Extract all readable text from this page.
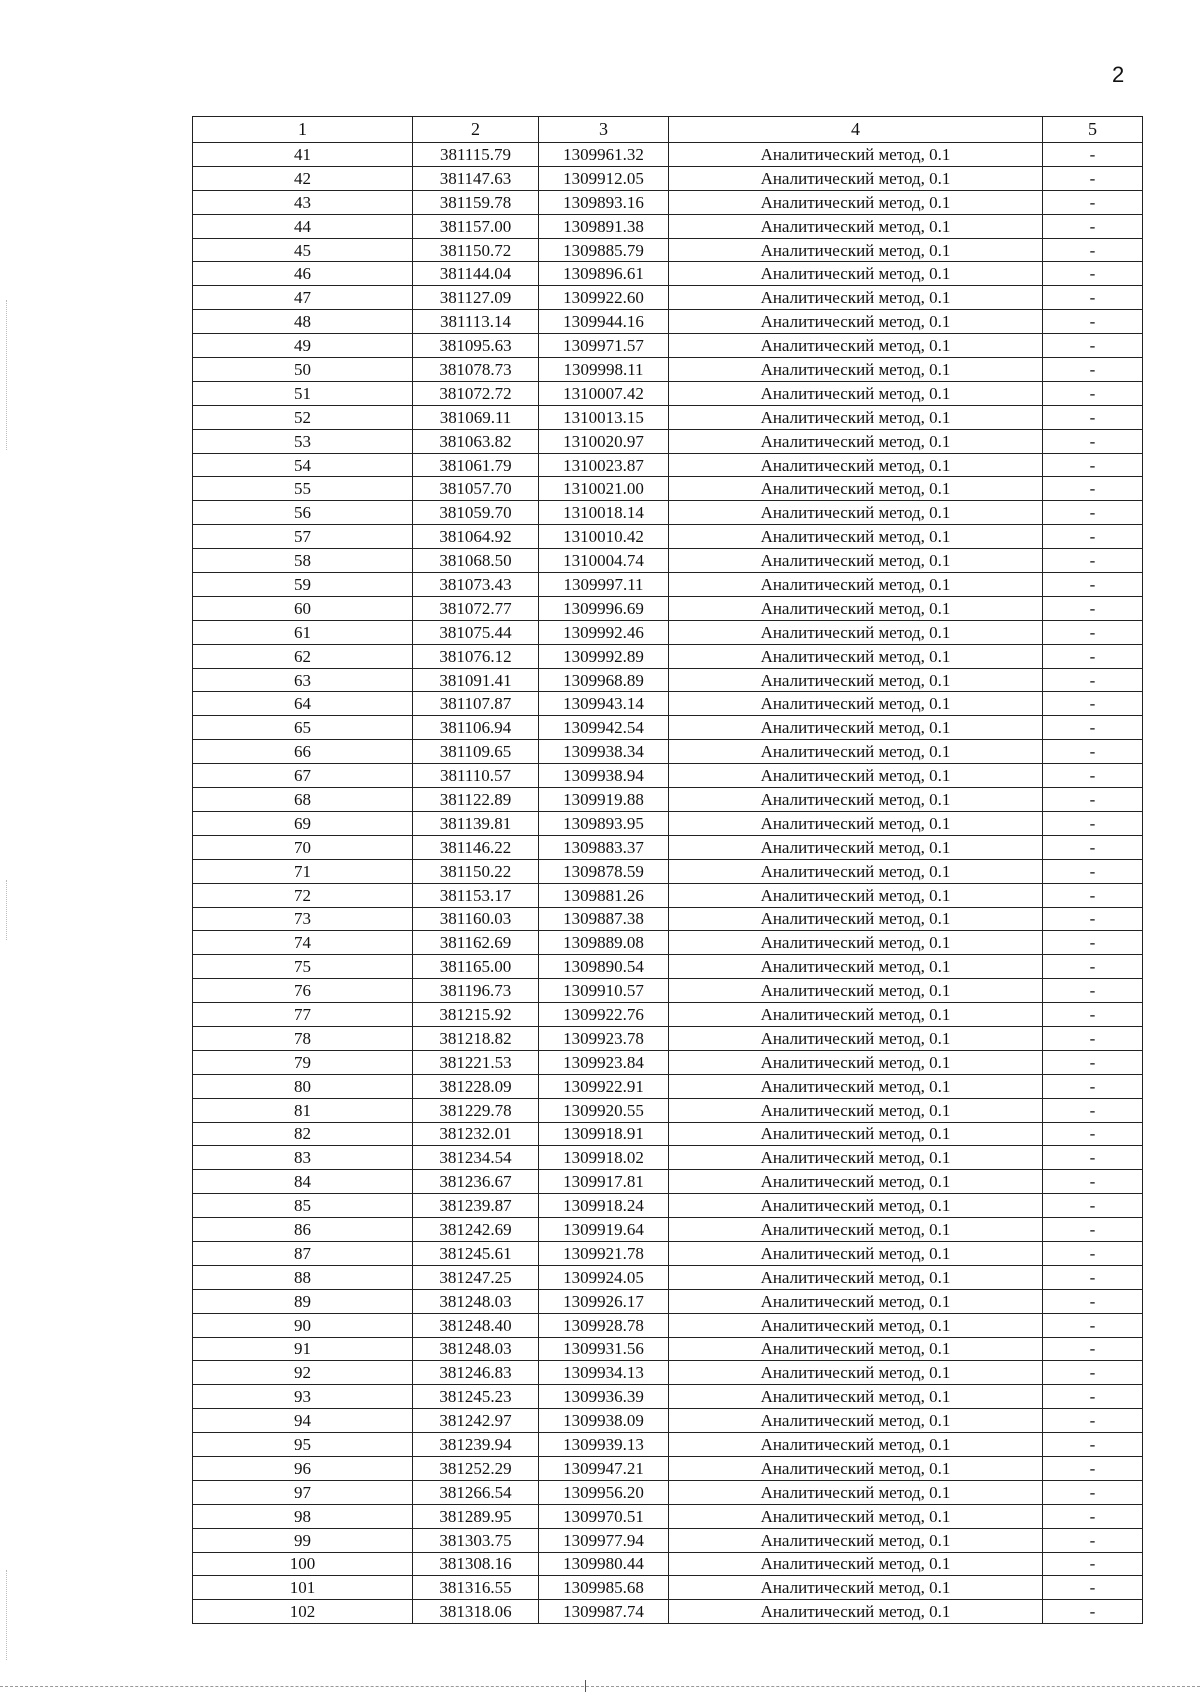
2
1	2	3	4	5
41	381115.79	1309961.32	Аналитический метод, 0.1	-
42	381147.63	1309912.05	Аналитический метод, 0.1	-
43	381159.78	1309893.16	Аналитический метод, 0.1	-
44	381157.00	1309891.38	Аналитический метод, 0.1	-
45	381150.72	1309885.79	Аналитический метод, 0.1	-
46	381144.04	1309896.61	Аналитический метод, 0.1	-
47	381127.09	1309922.60	Аналитический метод, 0.1	-
48	381113.14	1309944.16	Аналитический метод, 0.1	-
49	381095.63	1309971.57	Аналитический метод, 0.1	-
50	381078.73	1309998.11	Аналитический метод, 0.1	-
51	381072.72	1310007.42	Аналитический метод, 0.1	-
52	381069.11	1310013.15	Аналитический метод, 0.1	-
53	381063.82	1310020.97	Аналитический метод, 0.1	-
54	381061.79	1310023.87	Аналитический метод, 0.1	-
55	381057.70	1310021.00	Аналитический метод, 0.1	-
56	381059.70	1310018.14	Аналитический метод, 0.1	-
57	381064.92	1310010.42	Аналитический метод, 0.1	-
58	381068.50	1310004.74	Аналитический метод, 0.1	-
59	381073.43	1309997.11	Аналитический метод, 0.1	-
60	381072.77	1309996.69	Аналитический метод, 0.1	-
61	381075.44	1309992.46	Аналитический метод, 0.1	-
62	381076.12	1309992.89	Аналитический метод, 0.1	-
63	381091.41	1309968.89	Аналитический метод, 0.1	-
64	381107.87	1309943.14	Аналитический метод, 0.1	-
65	381106.94	1309942.54	Аналитический метод, 0.1	-
66	381109.65	1309938.34	Аналитический метод, 0.1	-
67	381110.57	1309938.94	Аналитический метод, 0.1	-
68	381122.89	1309919.88	Аналитический метод, 0.1	-
69	381139.81	1309893.95	Аналитический метод, 0.1	-
70	381146.22	1309883.37	Аналитический метод, 0.1	-
71	381150.22	1309878.59	Аналитический метод, 0.1	-
72	381153.17	1309881.26	Аналитический метод, 0.1	-
73	381160.03	1309887.38	Аналитический метод, 0.1	-
74	381162.69	1309889.08	Аналитический метод, 0.1	-
75	381165.00	1309890.54	Аналитический метод, 0.1	-
76	381196.73	1309910.57	Аналитический метод, 0.1	-
77	381215.92	1309922.76	Аналитический метод, 0.1	-
78	381218.82	1309923.78	Аналитический метод, 0.1	-
79	381221.53	1309923.84	Аналитический метод, 0.1	-
80	381228.09	1309922.91	Аналитический метод, 0.1	-
81	381229.78	1309920.55	Аналитический метод, 0.1	-
82	381232.01	1309918.91	Аналитический метод, 0.1	-
83	381234.54	1309918.02	Аналитический метод, 0.1	-
84	381236.67	1309917.81	Аналитический метод, 0.1	-
85	381239.87	1309918.24	Аналитический метод, 0.1	-
86	381242.69	1309919.64	Аналитический метод, 0.1	-
87	381245.61	1309921.78	Аналитический метод, 0.1	-
88	381247.25	1309924.05	Аналитический метод, 0.1	-
89	381248.03	1309926.17	Аналитический метод, 0.1	-
90	381248.40	1309928.78	Аналитический метод, 0.1	-
91	381248.03	1309931.56	Аналитический метод, 0.1	-
92	381246.83	1309934.13	Аналитический метод, 0.1	-
93	381245.23	1309936.39	Аналитический метод, 0.1	-
94	381242.97	1309938.09	Аналитический метод, 0.1	-
95	381239.94	1309939.13	Аналитический метод, 0.1	-
96	381252.29	1309947.21	Аналитический метод, 0.1	-
97	381266.54	1309956.20	Аналитический метод, 0.1	-
98	381289.95	1309970.51	Аналитический метод, 0.1	-
99	381303.75	1309977.94	Аналитический метод, 0.1	-
100	381308.16	1309980.44	Аналитический метод, 0.1	-
101	381316.55	1309985.68	Аналитический метод, 0.1	-
102	381318.06	1309987.74	Аналитический метод, 0.1	-
